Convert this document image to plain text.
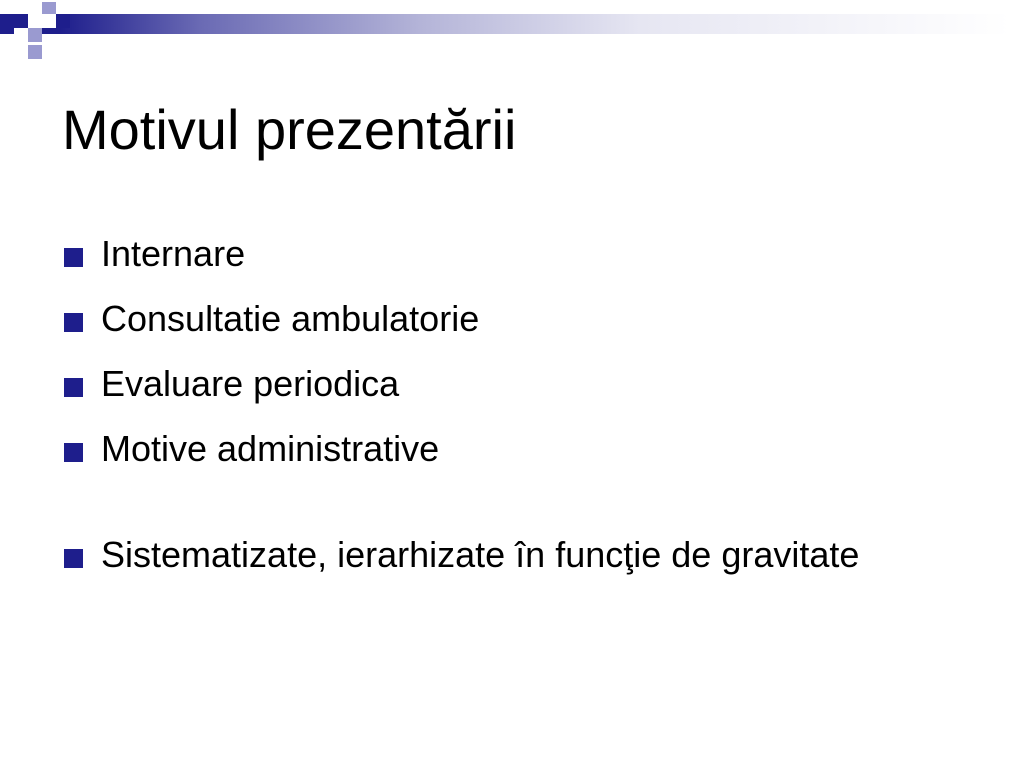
Motivul prezentării
Internare
Consultatie ambulatorie
Evaluare periodica
Motive administrative
Sistematizate, ierarhizate în funcţie de gravitate
